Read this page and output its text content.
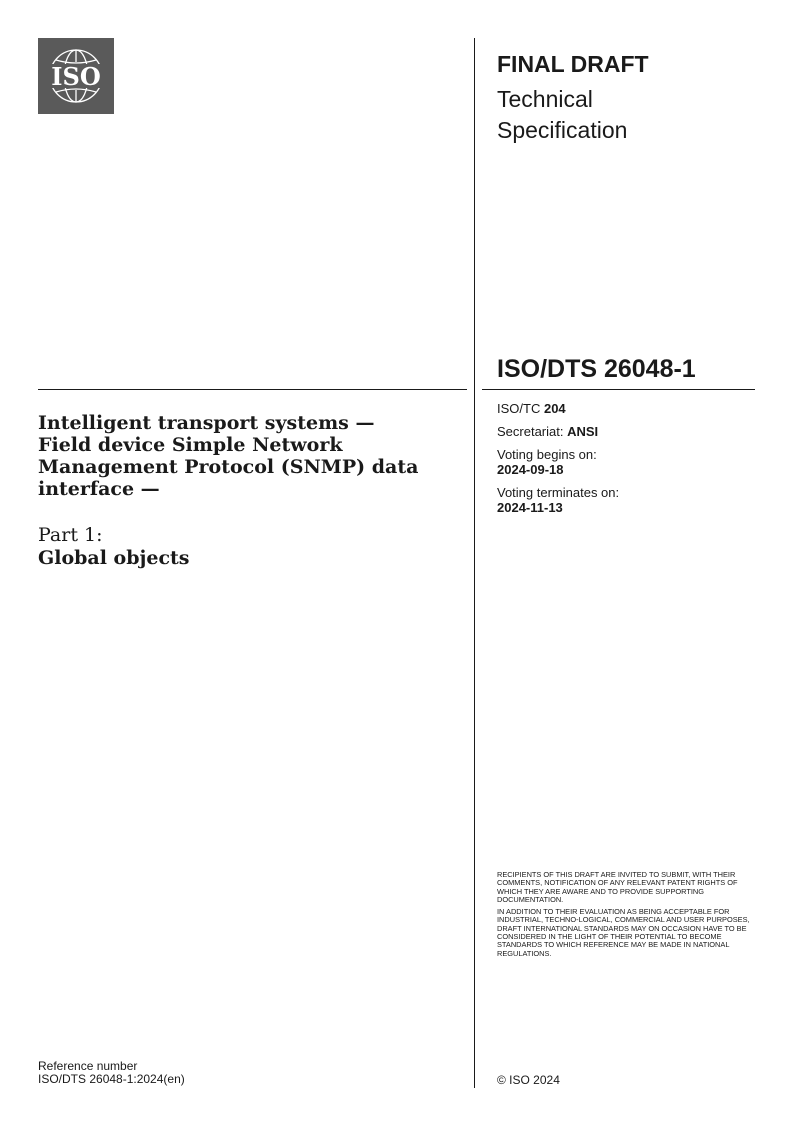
ISO	FINAL DRAFT
Technical
Specification
ISO/DTS 26048-1
Intelligent transport systems —
Field device Simple Network
Management Protocol (SNMP) data
interface —
Part 1:
Global objects
ISO/TC 204
Secretariat: ANSI
Voting begins on:
2024-09-18
Voting terminates on:
2024-11-13

RECIPIENTS OF THIS DRAFT ARE INVITED TO SUBMIT, WITH THEIR COMMENTS, NOTIFICATION OF ANY RELEVANT PATENT RIGHTS OF WHICH THEY ARE AWARE AND TO PROVIDE SUPPORTING DOCUMENTATION.

IN ADDITION TO THEIR EVALUATION AS BEING ACCEPTABLE FOR INDUSTRIAL, TECHNO-LOGICAL, COMMERCIAL AND USER PURPOSES, DRAFT INTERNATIONAL STANDARDS MAY ON OCCASION HAVE TO BE CONSIDERED IN THE LIGHT OF THEIR POTENTIAL TO BECOME STANDARDS TO WHICH REFERENCE MAY BE MADE IN NATIONAL REGULATIONS.

Reference number
ISO/DTS 26048-1:2024(en)	© ISO 2024
